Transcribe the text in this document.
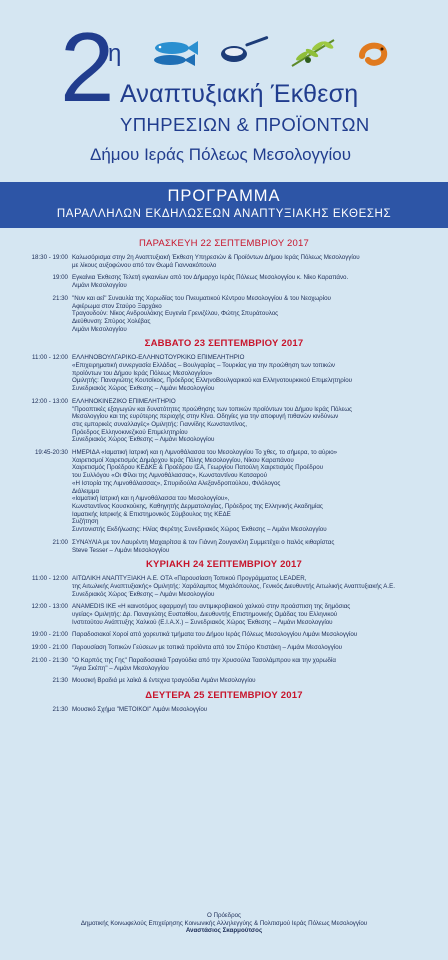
2
η
Αναπτυξιακή Έκθεση
ΥΠΗΡΕΣΙΩΝ & ΠΡΟΪΟΝΤΩΝ
Δήμου Ιεράς Πόλεως Μεσολογγίου
ΠΡΟΓΡΑΜΜΑ
ΠΑΡΑΛΛΗΛΩΝ ΕΚΔΗΛΩΣΕΩΝ ΑΝΑΠΤΥΞΙΑΚΗΣ ΕΚΘΕΣΗΣ
ΠΑΡΑΣΚΕΥΗ 22 ΣΕΠΤΕΜΒΡΙΟΥ 2017
18:30 - 19:00 Καλωσόρισμα στην 2η Αναπτυξιακή Έκθεση Υπηρεσιών & Προϊόντων Δήμου Ιεράς Πόλεως Μεσολογγίου
με λίκους αυξοφώνου από τον Θωμά Γιαννακόπουλο
19:00 Εγκαίνια Έκθεσης Τελετή εγκαινίων από τον Δήμαρχο Ιεράς Πόλεως Μεσολογγίου κ. Νίκο Καραπάνο.
Λιμάνι Μεσολογγίου
21:30 "Νυν και αεί" Συναυλία της Χορωδίας του Πνευματικού Κέντρου Μεσολογγίου & του Νεοχωρίου
Αφιέρωμα στον Σταύρο Ξαρχάκο
Τραγουδούν: Νίκος Ανδρουλάκης Ευγενία Γρενιζέλου, Φώτης Σπυράτουλος
Διεύθυνση: Σπύρος Χολέβας
Λιμάνι Μεσολογγίου
ΣΑΒΒΑΤΟ 23 ΣΕΠΤΕΜΒΡΙΟΥ 2017
11:00 - 12:00 ΕΛΛΗΝΟΒΟΥΛΓΑΡΙΚΟ-ΕΛΛΗΝΟΤΟΥΡΚΙΚΟ ΕΠΙΜΕΛΗΤΗΡΙΟ
«Επιχειρηματική συνεργασία Ελλάδας – Βουλγαρίας – Τουρκίας για την προώθηση των τοπικών
προϊόντων του Δήμου Ιεράς Πόλεως Μεσολογγίου»
Ομιλητής: Παναγιώτης Κουτσίκος, Πρόεδρος ΕλληνοΒουλγαρικού και Ελληνοτουρκικού Επιμελητηρίου
Συνεδριακός Χώρος Έκθεσης – Λιμάνι Μεσολογγίου
12:00 - 13:00 ΕΛΛΗΝΟΚΙΝΕΖΙΚΟ ΕΠΙΜΕΛΗΤΗΡΙΟ
"Προοπτικές εξαγωγών και δυνατότητες προώθησης των τοπικών προϊόντων του Δήμου Ιεράς Πόλεως
Μεσολογγίου και της ευρύτερης περιοχής στην Κίνα. Οδηγίες για την αποφυγή πιθανών κινδύνων
στις εμπορικές συναλλαγές» Ομιλητής: Γιαννίδης Κωνσταντίνος,
Πρόεδρος Ελληνοκινεζικού Επιμελητηρίου
Συνεδριακός Χώρος Έκθεσης – Λιμάνι Μεσολογγίου
19:45-20:30 ΗΜΕΡΙΔΑ «Ιαματική Ιατρική και η Λιμνοθάλασσα του Μεσολογγίου Το χθες, το σήμερα, το αύριο»
Χαιρετισμοί Χαιρετισμός Δημάρχου Ιεράς Πόλης Μεσολογγίου, Νίκου Καραπάνου
Χαιρετισμός Προέδρου ΚΕΔΚΕ & Προέδρου ΙΣΑ, Γεωργίου Πατούλη Χαιρετισμός Προέδρου
του Συλλόγου «Οι Φίλοι της Λιμνοθάλασσας», Κωνσταντίνου Κατσαρού
«Η Ιστορία της Λιμνοθάλασσας», Σπυριδούλα Αλεξανδροπούλου, Φιλόλογος
Διάλειμμα
«Ιαματική Ιατρική και η Λιμνοθάλασσα του Μεσολογγίου»,
Κωνσταντίνος Κουσκούκης, Καθηγητής Δερματολογίας, Πρόεδρος της Ελληνικής Ακαδημίας
Ιαματικής Ιατρικής & Επιστημονικός Σύμβουλος της ΚΕΔΕ
Συζήτηση
Συντονιστής Εκδήλωσης: Ηλίας Φερέτης Συνεδριακός Χώρος Έκθεσης – Λιμάνι Μεσολογγίου
21:00 ΣΥΝΑΥΛΙΑ με τον Λαυρέντη Μαχαιρίτσα & τον Γιάννη Ζουγανέλη Συμμετέχει ο Ιταλός κιθαρίστας
Steve Tesser – Λιμάνι Μεσολογγίου
ΚΥΡΙΑΚΗ 24 ΣΕΠΤΕΜΒΡΙΟΥ 2017
11:00 - 12:00 ΑΙΤΩΛΙΚΗ ΑΝΑΠΤΥΞΙΑΚΗ Α.Ε. ΟΤΑ «Παρουσίαση Τοπικού Προγράμματος LEADER,
της Αιτωλικής Αναπτυξιακής» Ομιλητής: Χαράλαμπος Μιχαλόπουλος, Γενικός Διευθυντής Αιτωλικής Αναπτυξιακής Α.Ε.
Συνεδριακός Χώρος Έκθεσης – Λιμάνι Μεσολογγίου
12:00 - 13:00 ANAMEDIS IKE «Η καινοτόμος εφαρμογή του αντιμικροβιακού χαλκού στην προάσπιση της δημόσιας
υγείας» Ομιλητής: Δρ. Παναγιώτης Ευσταθίου, Διευθυντής Επιστημονικής Ομάδας του Ελληνικού
Ινστιτούτου Ανάπτυξης Χαλκού (Ε.Ι.Α.Χ.) – Συνεδριακός Χώρος Έκθεσης – Λιμάνι Μεσολογγίου
19:00 - 21:00 Παραδοσιακοί Χοροί από χορευτικά τμήματα του Δήμου Ιεράς Πόλεως Μεσολογγίου Λιμάνι Μεσολογγίου
19:00 - 21:00 Παρουσίαση Τοπικών Γεύσεων με τοπικά προϊόντα από τον Σπύρο Κτιστάκη – Λιμάνι Μεσολογγίου
21:00 - 21:30 "Ο Καρπός της Γης" Παραδοσιακά Τραγούδια από την Χρυσούλα Τασολάμπρου και την χορωδία
"Άγια Σκέπη" – Λιμάνι Μεσολογγίου
21:30 Μουσική Βραδιά με λαϊκά & έντεχνα τραγούδια Λιμάνι Μεσολογγίου
ΔΕΥΤΕΡΑ 25 ΣΕΠΤΕΜΒΡΙΟΥ 2017
21:30 Μουσικό Σχήμα "ΜΕΤΟΙΚΟΙ" Λιμάνι Μεσολογγίου
Ο Πρόεδρος
Δημοτικής Κοινωφελούς Επιχείρησης Κοινωνικής Αλληλεγγύης & Πολιτισμού Ιεράς Πόλεως Μεσολογγίου
Αναστάσιος Σκαρμούτσος
